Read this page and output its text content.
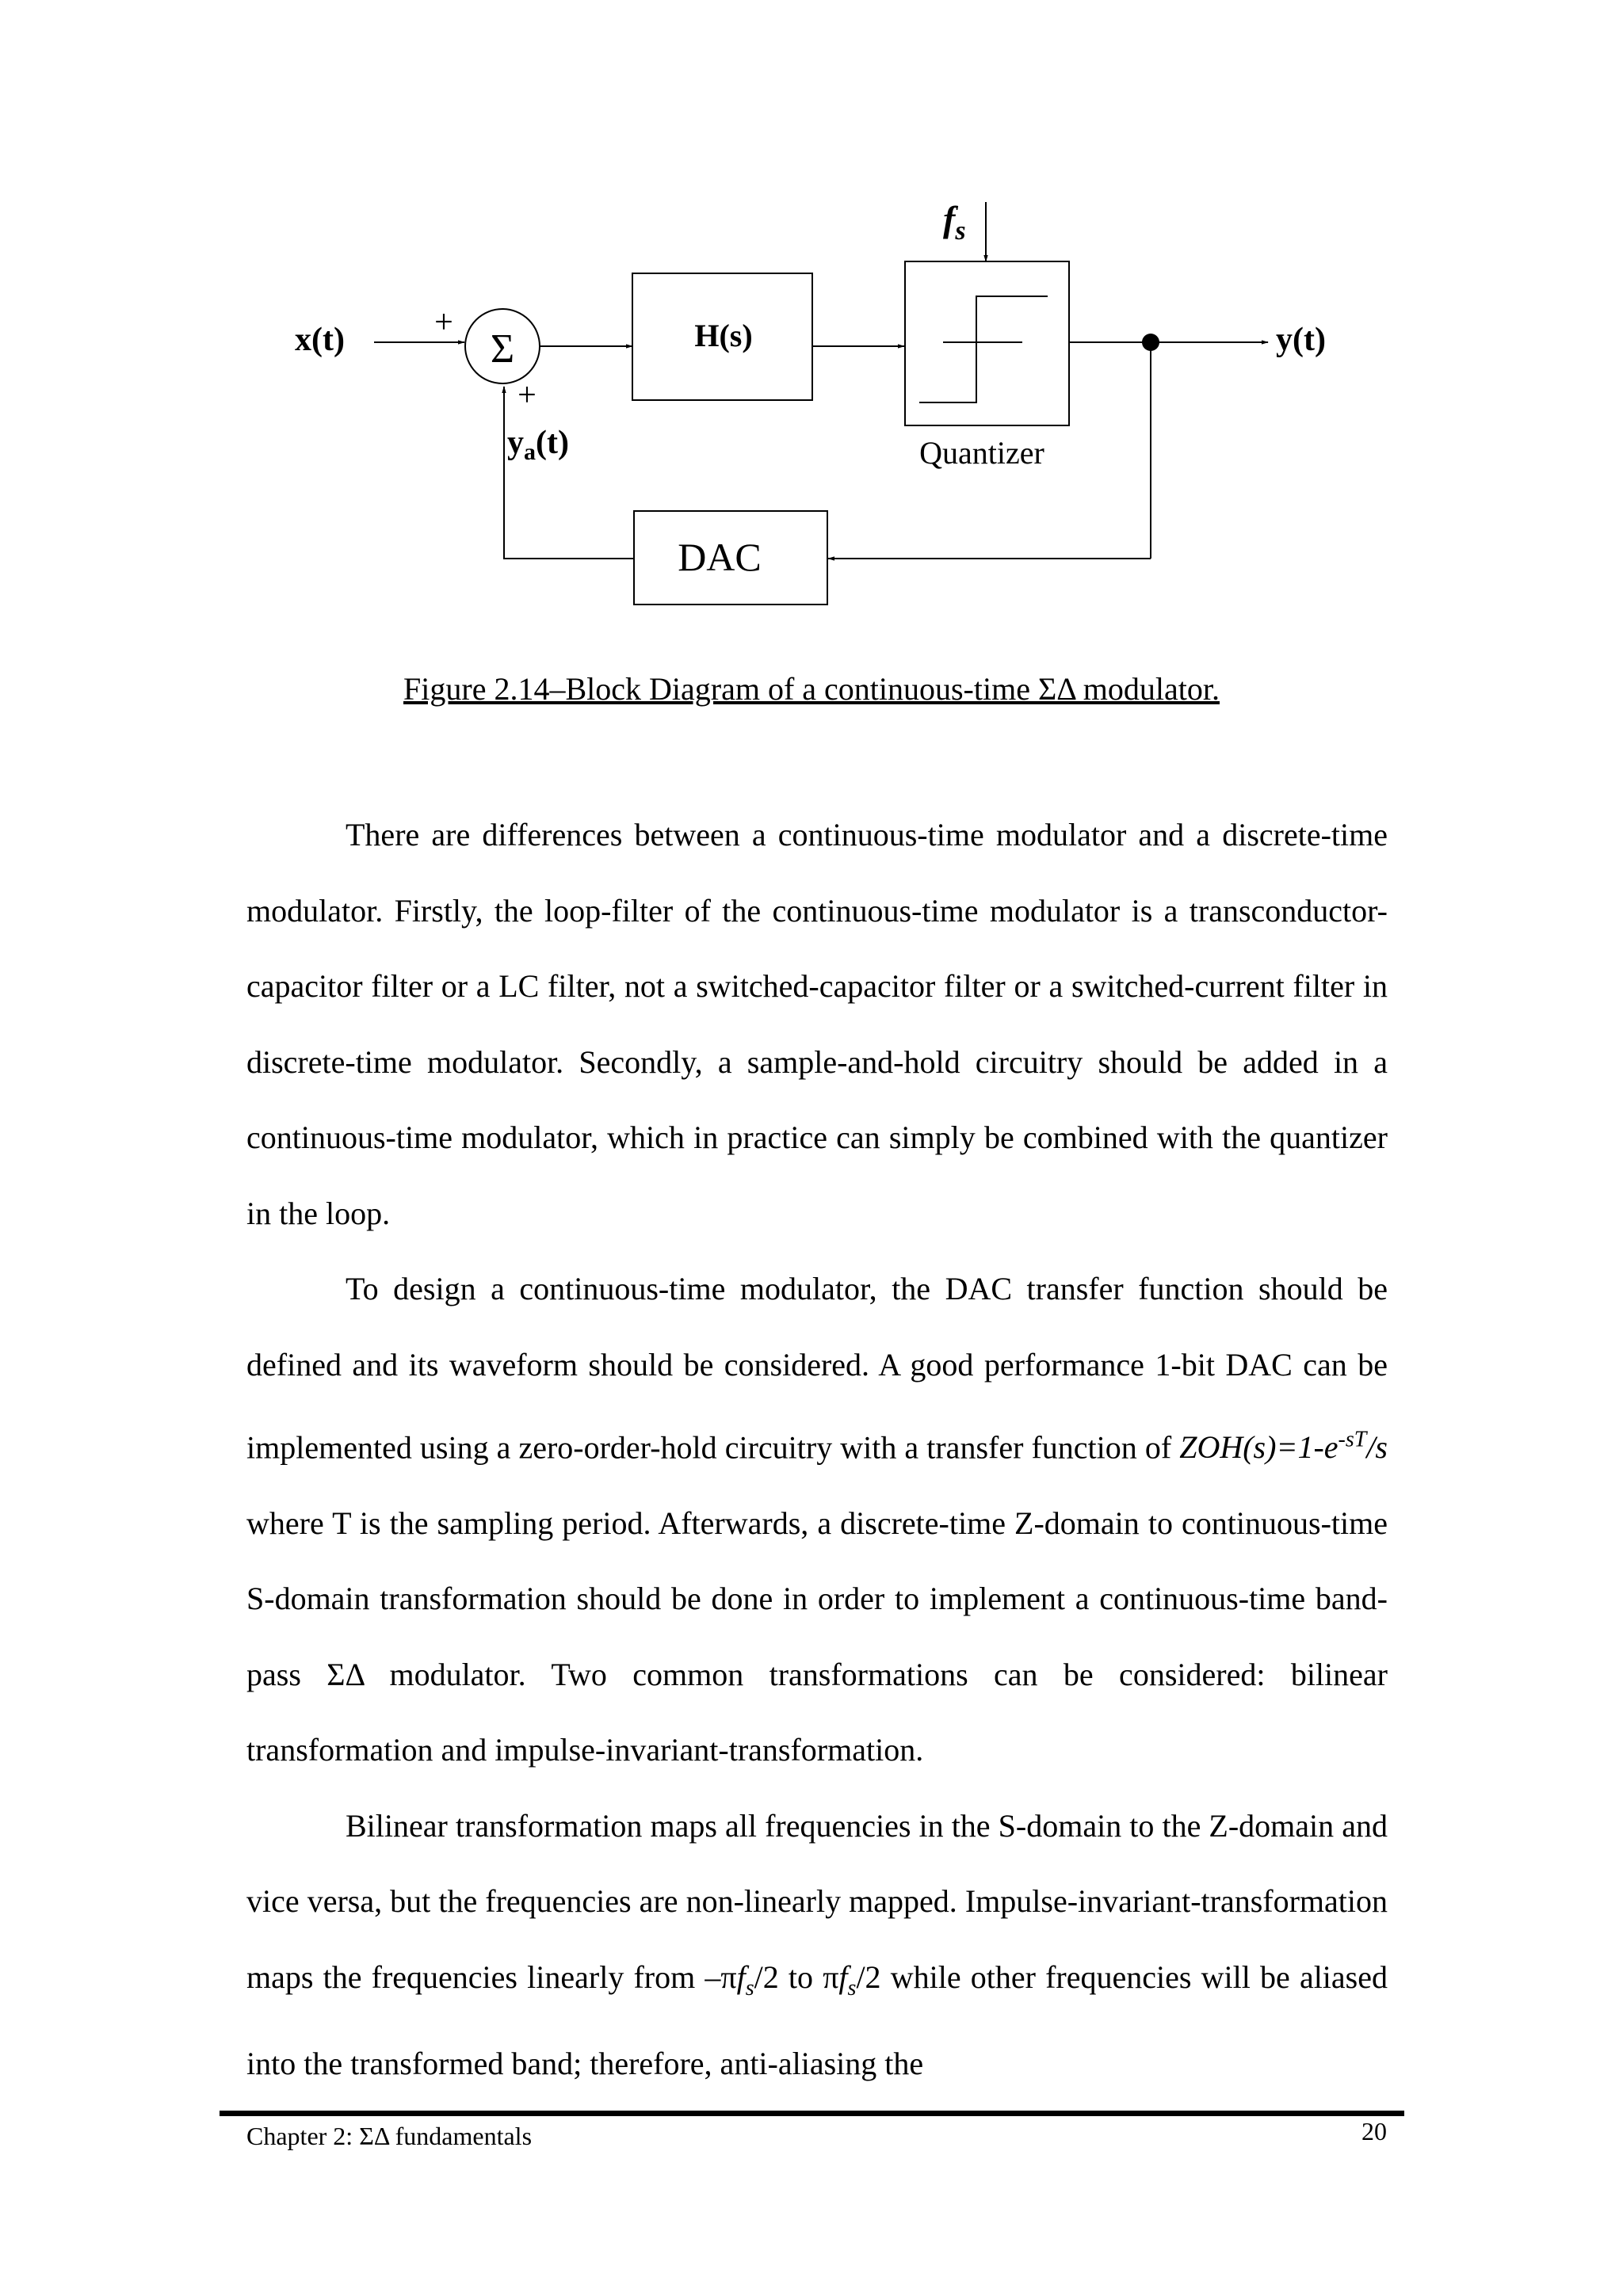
x(t)	Σ
+
+
H(s)
Quantizer
$f_s$
y(t)
DAC
ya(t)
Figure 2.14–Block Diagram of a continuous-time ΣΔ modulator.

There are differences between a continuous-time modulator and a discrete-time modulator. Firstly, the loop-filter of the continuous-time modulator is a transconductor-capacitor filter or a LC filter, not a switched-capacitor filter or a switched-current filter in discrete-time modulator. Secondly, a sample-and-hold circuitry should be added in a continuous-time modulator, which in practice can simply be combined with the quantizer in the loop.

To design a continuous-time modulator, the DAC transfer function should be defined and its waveform should be considered. A good performance 1-bit DAC can be implemented using a zero-order-hold circuitry with a transfer function of $ZOH(s)=1-e^{-sT}/s$ where T is the sampling period. Afterwards, a discrete-time Z-domain to continuous-time S-domain transformation should be done in order to implement a continuous-time band-pass ΣΔ modulator. Two common transformations can be considered: bilinear transformation and impulse-invariant-transformation.

Bilinear transformation maps all frequencies in the S-domain to the Z-domain and vice versa, but the frequencies are non-linearly mapped. Impulse-invariant-transformation maps the frequencies linearly from $-\pi f_s/2$ to $\pi f_s/2$ while other frequencies will be aliased into the transformed band; therefore, anti-aliasing the

Chapter 2: ΣΔ fundamentals	20
